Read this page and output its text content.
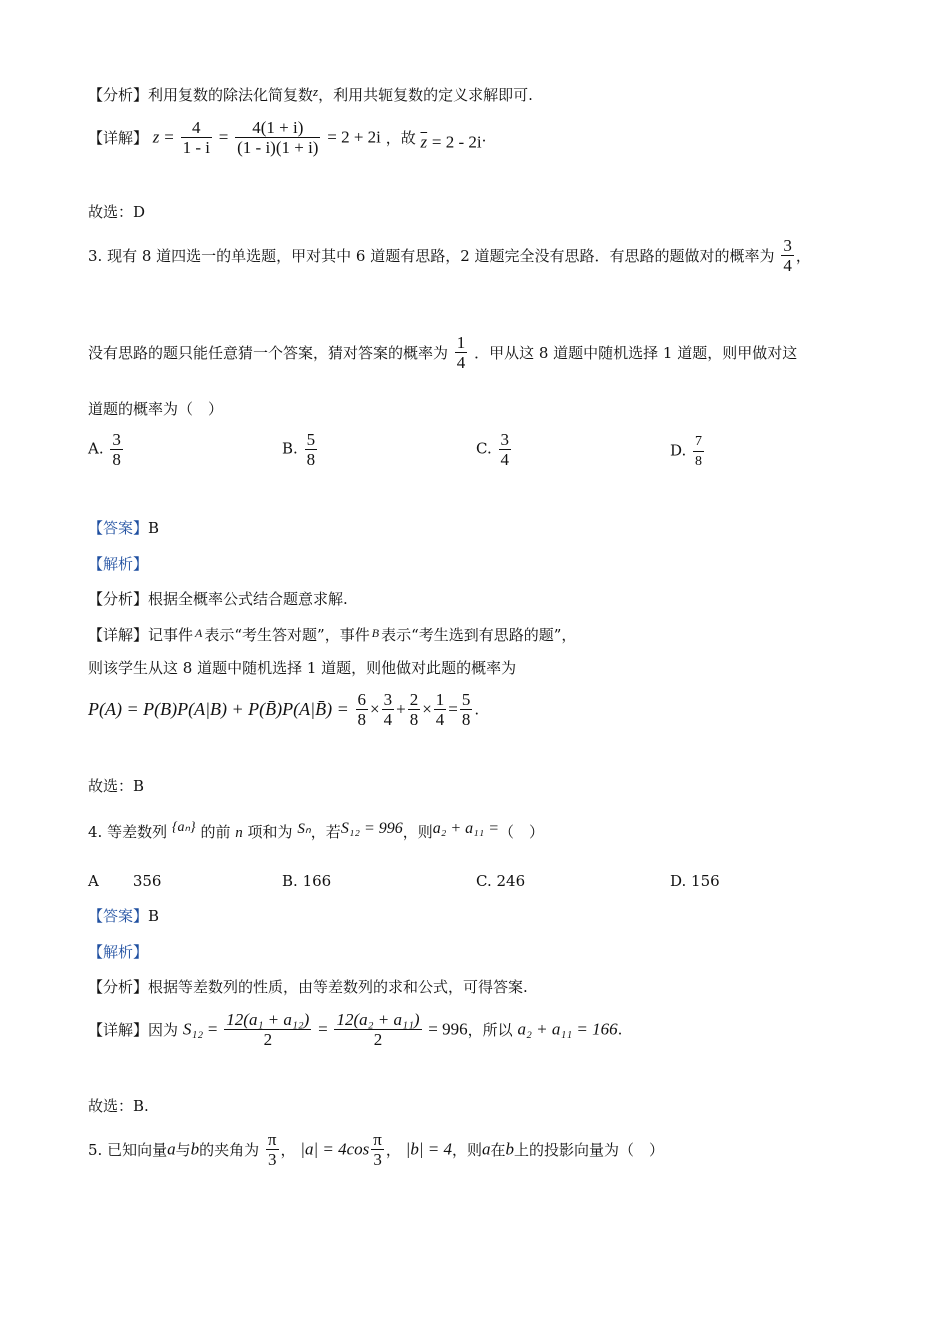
【分析】利用复数的除法化简复数z，利用共轭复数的定义求解即可.
【详解】 $z = \frac{4}{1 - i} = \frac{4(1 + i)}{(1 - i)(1 + i)} = 2 + 2i$ ，故 $\overline{z} = 2 - 2i$.
故选：D
3. 现有 8 道四选一的单选题，甲对其中 6 道题有思路，2 道题完全没有思路．有思路的题做对的概率为 $\frac{3}{4}$ ，
没有思路的题只能任意猜一个答案，猜对答案的概率为 $\frac{1}{4}$ ．甲从这 8 道题中随机选择 1 道题，则甲做对这
道题的概率为（　）
A. $\frac{3}{8}$	B. $\frac{5}{8}$	C. $\frac{3}{4}$	D. $\frac{7}{8}$
【答案】B
【解析】
【分析】根据全概率公式结合题意求解.
【详解】记事件 $^A$ 表示“考生答对题”，事件 $^B$ 表示“考生选到有思路的题”，
则该学生从这 8 道题中随机选择 1 道题，则他做对此题的概率为
P(A) = P(B)P(A|B) + P(B̄)P(A|B̄) = $\frac{6}{8} \times \frac{3}{4} + \frac{2}{8} \times \frac{1}{4} = \frac{5}{8}$ .
故选：B
4. 等差数列 {aₙ} 的前 n 项和为 Sₙ，若S₁₂ = 996，则a₂ + a₁₁ =（　）
A 356	B. 166	C. 246	D. 156
【答案】B
【解析】
【分析】根据等差数列的性质，由等差数列的求和公式，可得答案.
【详解】因为 $S_{12} = \frac{\text{12(a₁ + a₁₂)}}{2} = \frac{\text{12(a₂ + a₁₁)}}{2} = 996$，所以 a₂ + a₁₁ = 166.
故选：B.
5. 已知向量a与b的夹角为 $\frac{\pi}{3}$ ， $|a| = 4\cos \frac{\pi}{3}$ ， |b| = 4，则a在b上的投影向量为（　）
